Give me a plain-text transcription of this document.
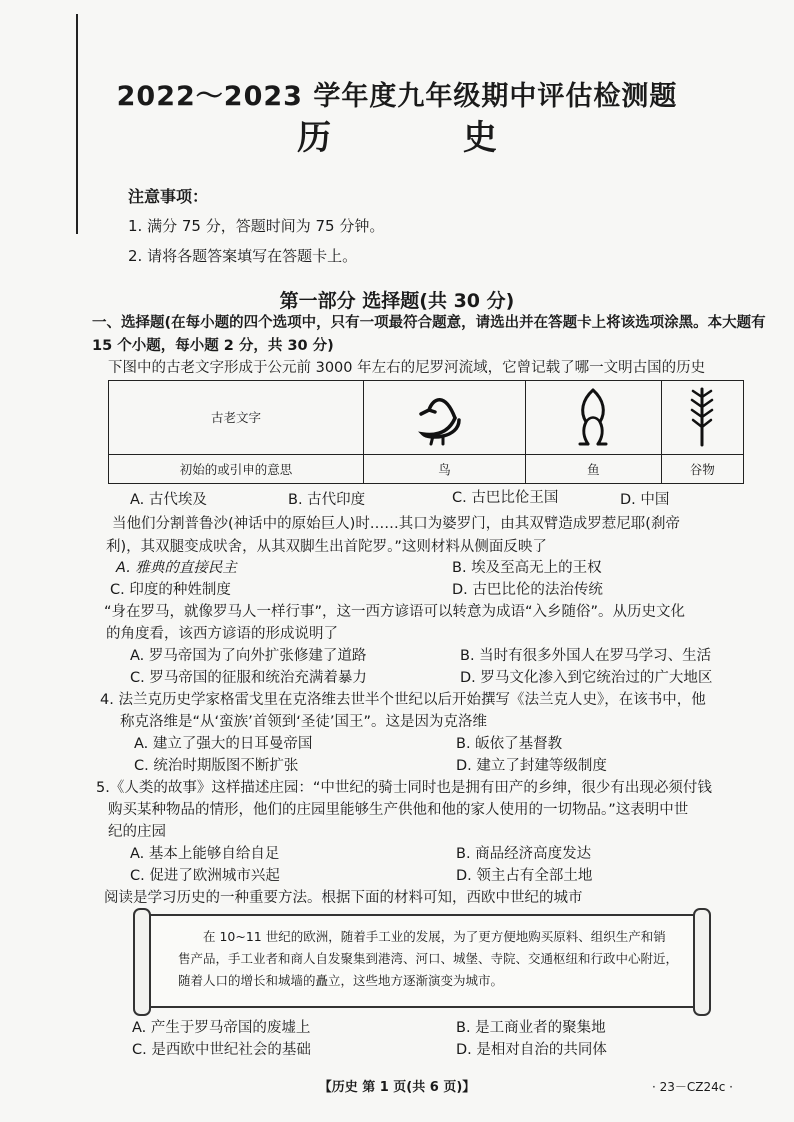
2022～2023 学年度九年级期中评估检测题
历 史
注意事项：
1. 满分 75 分，答题时间为 75 分钟。
2. 请将各题答案填写在答题卡上。
第一部分 选择题(共 30 分)
一、选择题(在每小题的四个选项中，只有一项最符合题意，请选出并在答题卡上将该选项涂黑。本大题有 15 个小题，每小题 2 分，共 30 分)
下图中的古老文字形成于公元前 3000 年左右的尼罗河流域，它曾记载了哪一文明古国的历史
古老文字	

初始的或引申的意思	鸟	鱼	谷物
A. 古代埃及	B. 古代印度	C. 古巴比伦王国	D. 中国
当他们分割普鲁沙(神话中的原始巨人)时……其口为婆罗门，由其双臂造成罗惹尼耶(刹帝
利)，其双腿变成吠舍，从其双脚生出首陀罗。”这则材料从侧面反映了
A. 雅典的直接民主	B. 埃及至高无上的王权
C. 印度的种姓制度	D. 古巴比伦的法治传统
“身在罗马，就像罗马人一样行事”，这一西方谚语可以转意为成语“入乡随俗”。从历史文化
的角度看，该西方谚语的形成说明了
A. 罗马帝国为了向外扩张修建了道路	B. 当时有很多外国人在罗马学习、生活
C. 罗马帝国的征服和统治充满着暴力	D. 罗马文化渗入到它统治过的广大地区
4. 法兰克历史学家格雷戈里在克洛维去世半个世纪以后开始撰写《法兰克人史》，在该书中，他
称克洛维是“从‘蛮族’首领到‘圣徒’国王”。这是因为克洛维
A. 建立了强大的日耳曼帝国	B. 皈依了基督教
C. 统治时期版图不断扩张	D. 建立了封建等级制度
5.《人类的故事》这样描述庄园：“中世纪的骑士同时也是拥有田产的乡绅，很少有出现必须付钱
购买某种物品的情形，他们的庄园里能够生产供他和他的家人使用的一切物品。”这表明中世
纪的庄园
A. 基本上能够自给自足	B. 商品经济高度发达
C. 促进了欧洲城市兴起	D. 领主占有全部土地
阅读是学习历史的一种重要方法。根据下面的材料可知，西欧中世纪的城市
在 10~11 世纪的欧洲，随着手工业的发展，为了更方便地购买原料、组织生产和销售产品，手工业者和商人自发聚集到港湾、河口、城堡、寺院、交通枢纽和行政中心附近，随着人口的增长和城墙的矗立，这些地方逐渐演变为城市。
A. 产生于罗马帝国的废墟上	B. 是工商业者的聚集地
C. 是西欧中世纪社会的基础	D. 是相对自治的共同体
【历史 第 1 页(共 6 页)】	· 23－CZ24c ·
